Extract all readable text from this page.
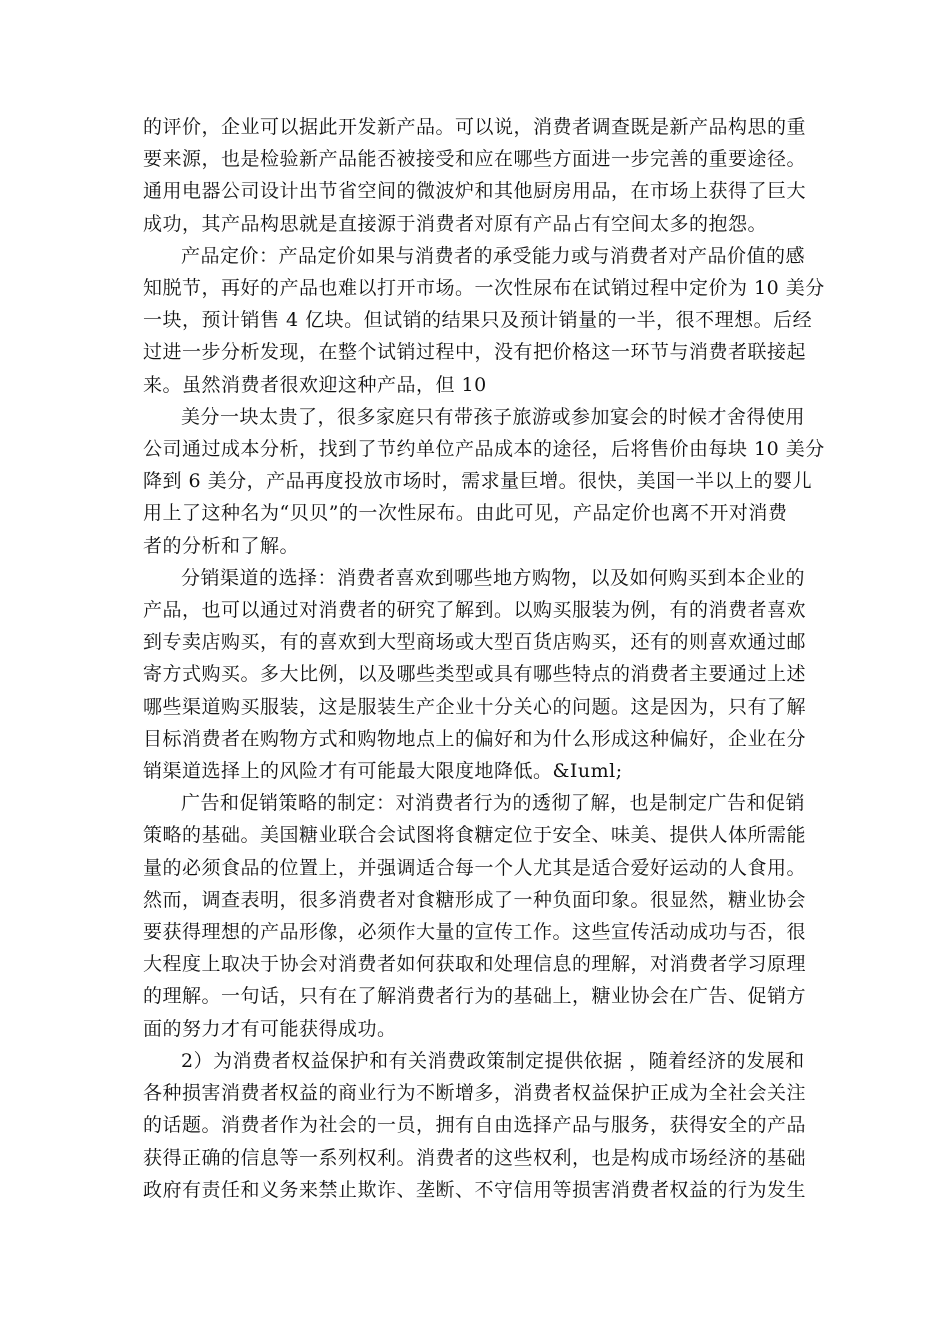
的评价，企业可以据此开发新产品。可以说，消费者调查既是新产品构思的重
要来源，也是检验新产品能否被接受和应在哪些方面进一步完善的重要途径。
通用电器公司设计出节省空间的微波炉和其他厨房用品，在市场上获得了巨大
成功，其产品构思就是直接源于消费者对原有产品占有空间太多的抱怨。

产品定价：产品定价如果与消费者的承受能力或与消费者对产品价值的感
知脱节，再好的产品也难以打开市场。一次性尿布在试销过程中定价为 10 美分
一块，预计销售 4 亿块。但试销的结果只及预计销量的一半，很不理想。后经
过进一步分析发现，在整个试销过程中，没有把价格这一环节与消费者联接起
来。虽然消费者很欢迎这种产品，但 10

美分一块太贵了，很多家庭只有带孩子旅游或参加宴会的时候才舍得使用
公司通过成本分析，找到了节约单位产品成本的途径，后将售价由每块 10 美分
降到 6 美分，产品再度投放市场时，需求量巨增。很快，美国一半以上的婴儿
用上了这种名为“贝贝”的一次性尿布。由此可见，产品定价也离不开对消费
者的分析和了解。

分销渠道的选择：消费者喜欢到哪些地方购物，以及如何购买到本企业的
产品，也可以通过对消费者的研究了解到。以购买服装为例，有的消费者喜欢
到专卖店购买，有的喜欢到大型商场或大型百货店购买，还有的则喜欢通过邮
寄方式购买。多大比例，以及哪些类型或具有哪些特点的消费者主要通过上述
哪些渠道购买服装，这是服装生产企业十分关心的问题。这是因为，只有了解
目标消费者在购物方式和购物地点上的偏好和为什么形成这种偏好，企业在分
销渠道选择上的风险才有可能最大限度地降低。&Iuml;

广告和促销策略的制定：对消费者行为的透彻了解，也是制定广告和促销
策略的基础。美国糖业联合会试图将食糖定位于安全、味美、提供人体所需能
量的必须食品的位置上，并强调适合每一个人尤其是适合爱好运动的人食用。
然而，调查表明，很多消费者对食糖形成了一种负面印象。很显然，糖业协会
要获得理想的产品形像，必须作大量的宣传工作。这些宣传活动成功与否，很
大程度上取决于协会对消费者如何获取和处理信息的理解，对消费者学习原理
的理解。一句话，只有在了解消费者行为的基础上，糖业协会在广告、促销方
面的努力才有可能获得成功。

2）为消费者权益保护和有关消费政策制定提供依据 ，随着经济的发展和
各种损害消费者权益的商业行为不断增多，消费者权益保护正成为全社会关注
的话题。消费者作为社会的一员，拥有自由选择产品与服务，获得安全的产品
获得正确的信息等一系列权利。消费者的这些权利，也是构成市场经济的基础
政府有责任和义务来禁止欺诈、垄断、不守信用等损害消费者权益的行为发生
